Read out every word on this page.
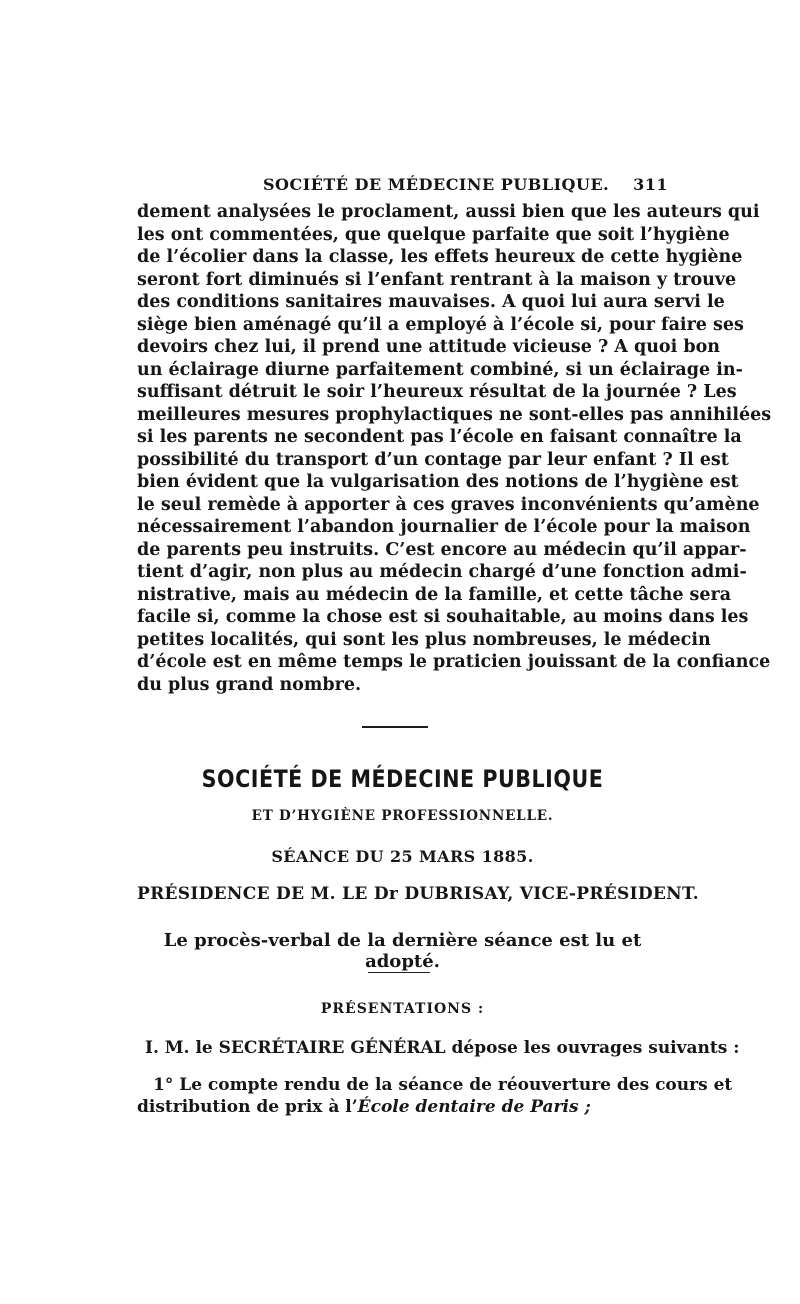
SOCIÉTÉ DE MÉDECINE PUBLIQUE. 311
dement analysées le proclament, aussi bien que les auteurs qui
les ont commentées, que quelque parfaite que soit l’hygiène
de l’écolier dans la classe, les effets heureux de cette hygiène
seront fort diminués si l’enfant rentrant à la maison y trouve
des conditions sanitaires mauvaises. A quoi lui aura servi le
siège bien aménagé qu’il a employé à l’école si, pour faire ses
devoirs chez lui, il prend une attitude vicieuse ? A quoi bon
un éclairage diurne parfaitement combiné, si un éclairage in-
suffisant détruit le soir l’heureux résultat de la journée ? Les
meilleures mesures prophylactiques ne sont-elles pas annihilées
si les parents ne secondent pas l’école en faisant connaître la
possibilité du transport d’un contage par leur enfant ? Il est
bien évident que la vulgarisation des notions de l’hygiène est
le seul remède à apporter à ces graves inconvénients qu’amène
nécessairement l’abandon journalier de l’école pour la maison
de parents peu instruits. C’est encore au médecin qu’il appar-
tient d’agir, non plus au médecin chargé d’une fonction admi-
nistrative, mais au médecin de la famille, et cette tâche sera
facile si, comme la chose est si souhaitable, au moins dans les
petites localités, qui sont les plus nombreuses, le médecin
d’école est en même temps le praticien jouissant de la confiance
du plus grand nombre.
SOCIÉTÉ DE MÉDECINE PUBLIQUE
ET D’HYGIÈNE PROFESSIONNELLE.
SÉANCE DU 25 MARS 1885.
PRÉSIDENCE DE M. LE Dr DUBRISAY, VICE-PRÉSIDENT.
Le procès-verbal de la dernière séance est lu et adopté.
PRÉSENTATIONS :
I. M. le SECRÉTAIRE GÉNÉRAL dépose les ouvrages suivants :
1° Le compte rendu de la séance de réouverture des cours et
distribution de prix à l’École dentaire de Paris ;
